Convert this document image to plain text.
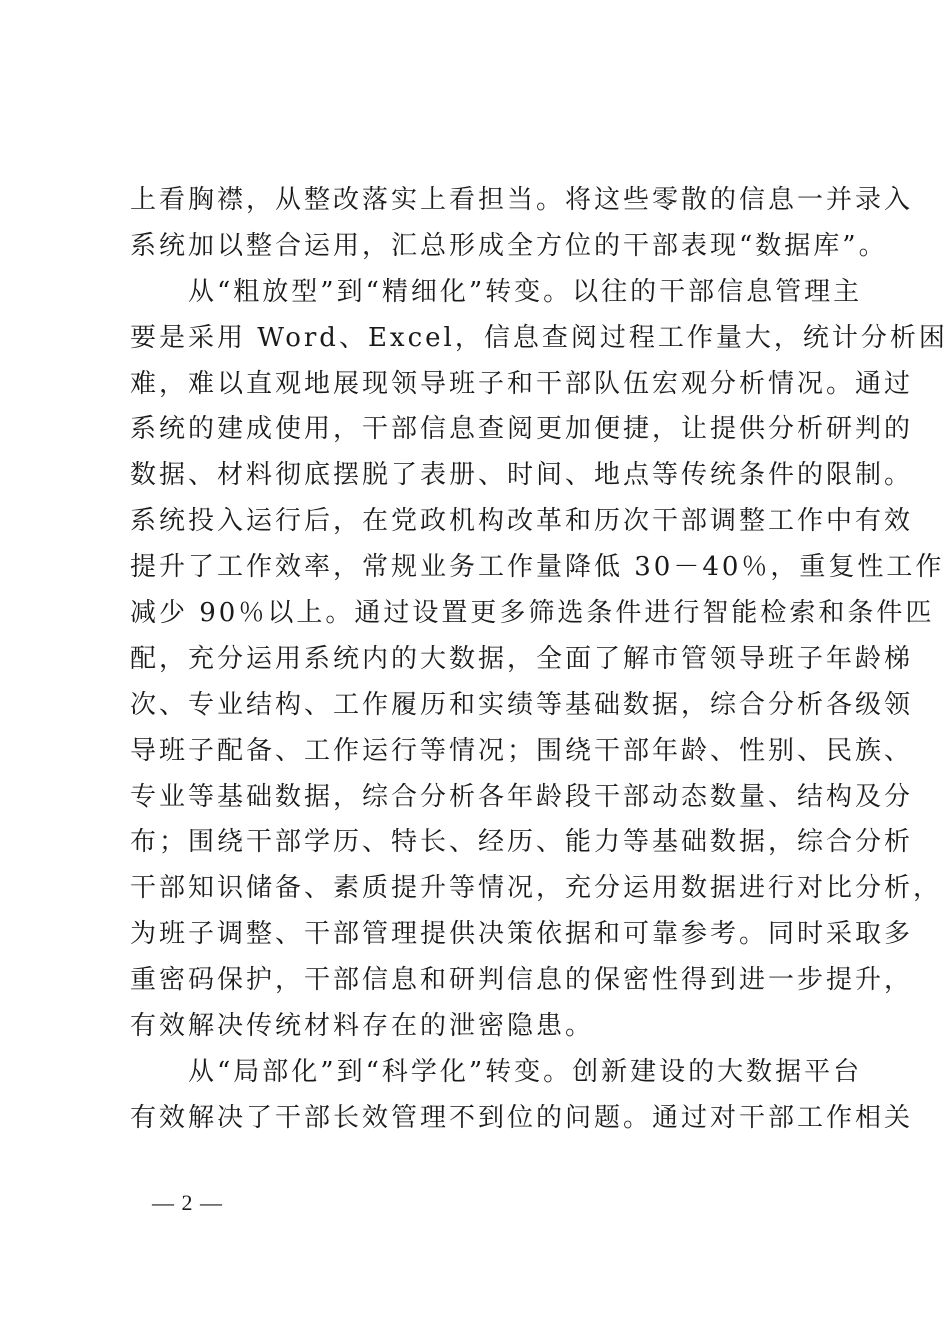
上看胸襟，从整改落实上看担当。将这些零散的信息一并录入
系统加以整合运用，汇总形成全方位的干部表现“数据库”。
　　从“粗放型”到“精细化”转变。以往的干部信息管理主
要是采用 Word、Excel，信息查阅过程工作量大，统计分析困
难，难以直观地展现领导班子和干部队伍宏观分析情况。通过
系统的建成使用，干部信息查阅更加便捷，让提供分析研判的
数据、材料彻底摆脱了表册、时间、地点等传统条件的限制。
系统投入运行后，在党政机构改革和历次干部调整工作中有效
提升了工作效率，常规业务工作量降低 30－40％，重复性工作
减少 90％以上。通过设置更多筛选条件进行智能检索和条件匹
配，充分运用系统内的大数据，全面了解市管领导班子年龄梯
次、专业结构、工作履历和实绩等基础数据，综合分析各级领
导班子配备、工作运行等情况；围绕干部年龄、性别、民族、
专业等基础数据，综合分析各年龄段干部动态数量、结构及分
布；围绕干部学历、特长、经历、能力等基础数据，综合分析
干部知识储备、素质提升等情况，充分运用数据进行对比分析，
为班子调整、干部管理提供决策依据和可靠参考。同时采取多
重密码保护，干部信息和研判信息的保密性得到进一步提升，
有效解决传统材料存在的泄密隐患。
　　从“局部化”到“科学化”转变。创新建设的大数据平台
有效解决了干部长效管理不到位的问题。通过对干部工作相关
— 2 —
